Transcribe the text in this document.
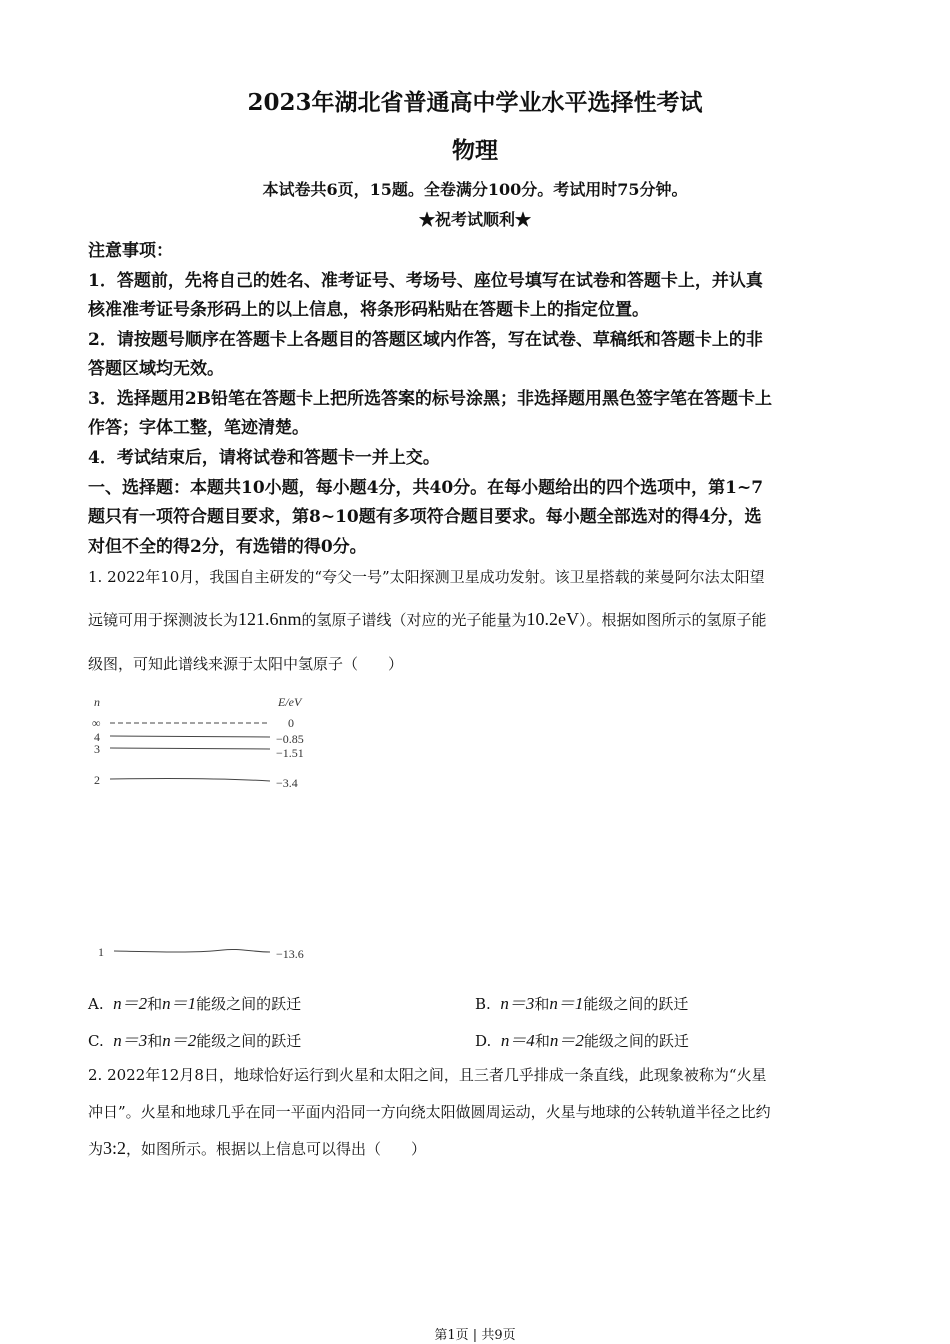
2023年湖北省普通高中学业水平选择性考试
物理
本试卷共6页，15题。全卷满分100分。考试用时75分钟。
★祝考试顺利★
注意事项：
1．答题前，先将自己的姓名、准考证号、考场号、座位号填写在试卷和答题卡上，并认真
核准准考证号条形码上的以上信息，将条形码粘贴在答题卡上的指定位置。
2．请按题号顺序在答题卡上各题目的答题区域内作答，写在试卷、草稿纸和答题卡上的非
答题区域均无效。
3．选择题用2B铅笔在答题卡上把所选答案的标号涂黑；非选择题用黑色签字笔在答题卡上
作答；字体工整，笔迹清楚。
4．考试结束后，请将试卷和答题卡一并上交。
一、选择题：本题共10小题，每小题4分，共40分。在每小题给出的四个选项中，第1~7
题只有一项符合题目要求，第8~10题有多项符合题目要求。每小题全部选对的得4分，选
对但不全的得2分，有选错的得0分。
1. 2022年10月，我国自主研发的“夸父一号”太阳探测卫星成功发射。该卫星搭载的莱曼阿尔法太阳望
远镜可用于探测波长为121.6nm的氢原子谱线（对应的光子能量为10.2eV）。根据如图所示的氢原子能
级图，可知此谱线来源于太阳中氢原子（　　）
n	E/eV
∞	0
4	−0.85
3	−1.51
2	−3.4
1	−13.6
A. n＝2和n＝1能级之间的跃迁	B. n＝3和n＝1能级之间的跃迁
C. n＝3和n＝2能级之间的跃迁	D. n＝4和n＝2能级之间的跃迁
2. 2022年12月8日，地球恰好运行到火星和太阳之间，且三者几乎排成一条直线，此现象被称为“火星
冲日”。火星和地球几乎在同一平面内沿同一方向绕太阳做圆周运动，火星与地球的公转轨道半径之比约
为3:2，如图所示。根据以上信息可以得出（　　）
第1页 | 共9页
